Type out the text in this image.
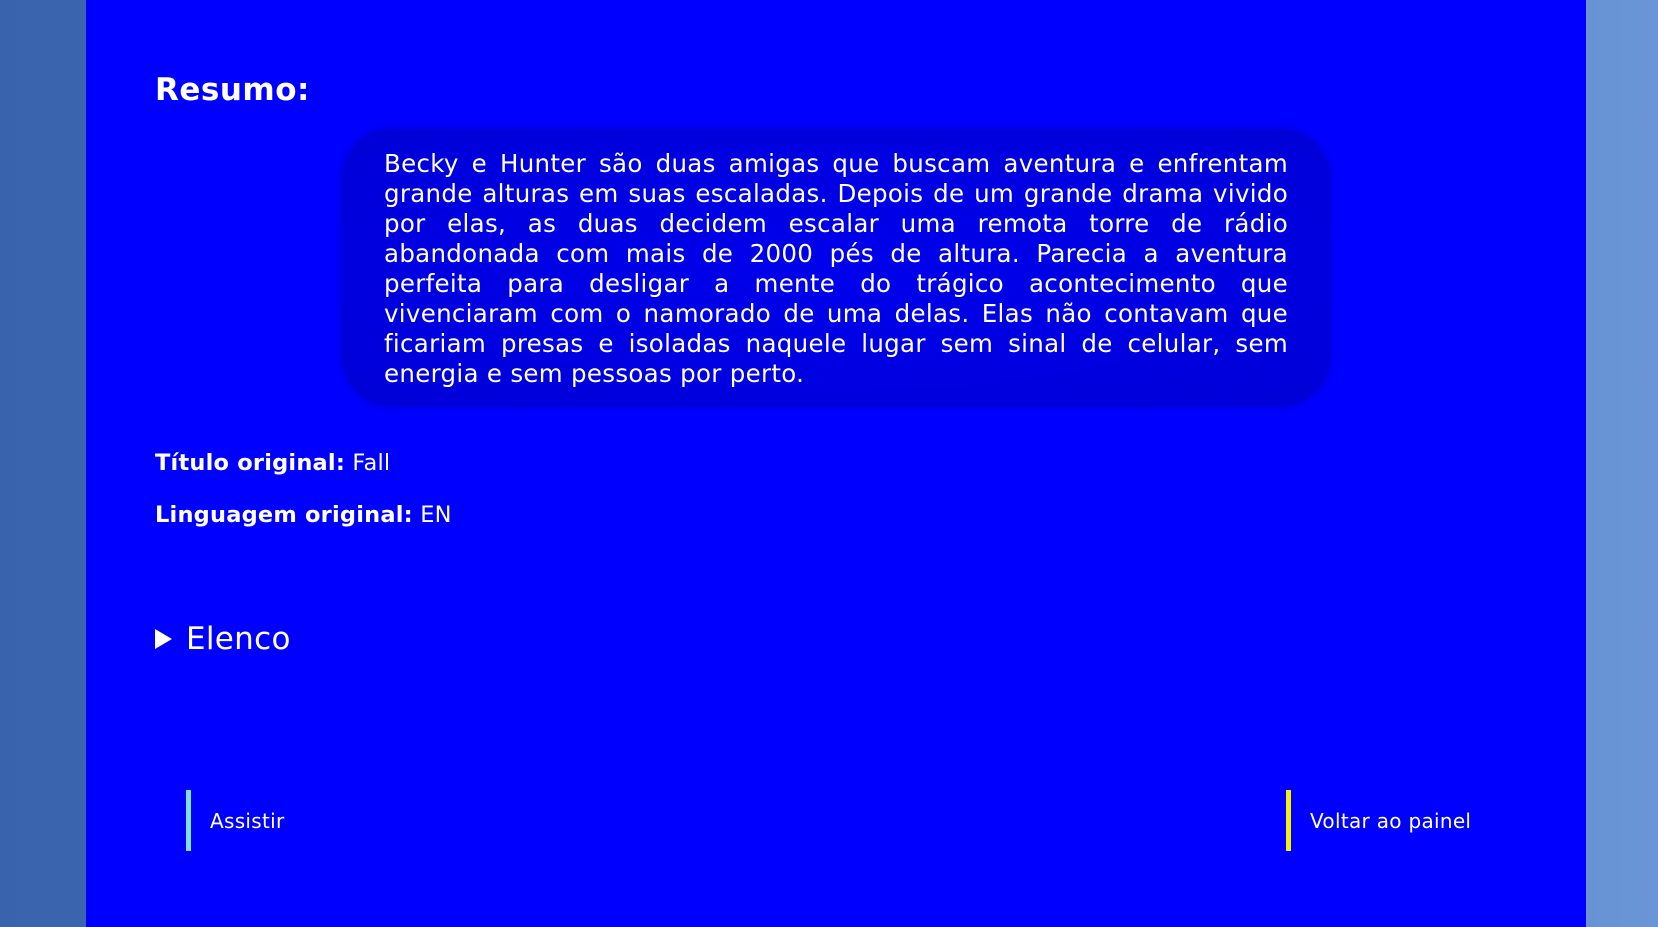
Resumo:

Becky e Hunter são duas amigas que buscam aventura e enfrentam grande alturas em suas escaladas. Depois de um grande drama vivido por elas, as duas decidem escalar uma remota torre de rádio abandonada com mais de 2000 pés de altura. Parecia a aventura perfeita para desligar a mente do trágico acontecimento que vivenciaram com o namorado de uma delas. Elas não contavam que ficariam presas e isoladas naquele lugar sem sinal de celular, sem energia e sem pessoas por perto.

Título original: Fall

Linguagem original: EN

Elenco
Assistir	Voltar ao painel
